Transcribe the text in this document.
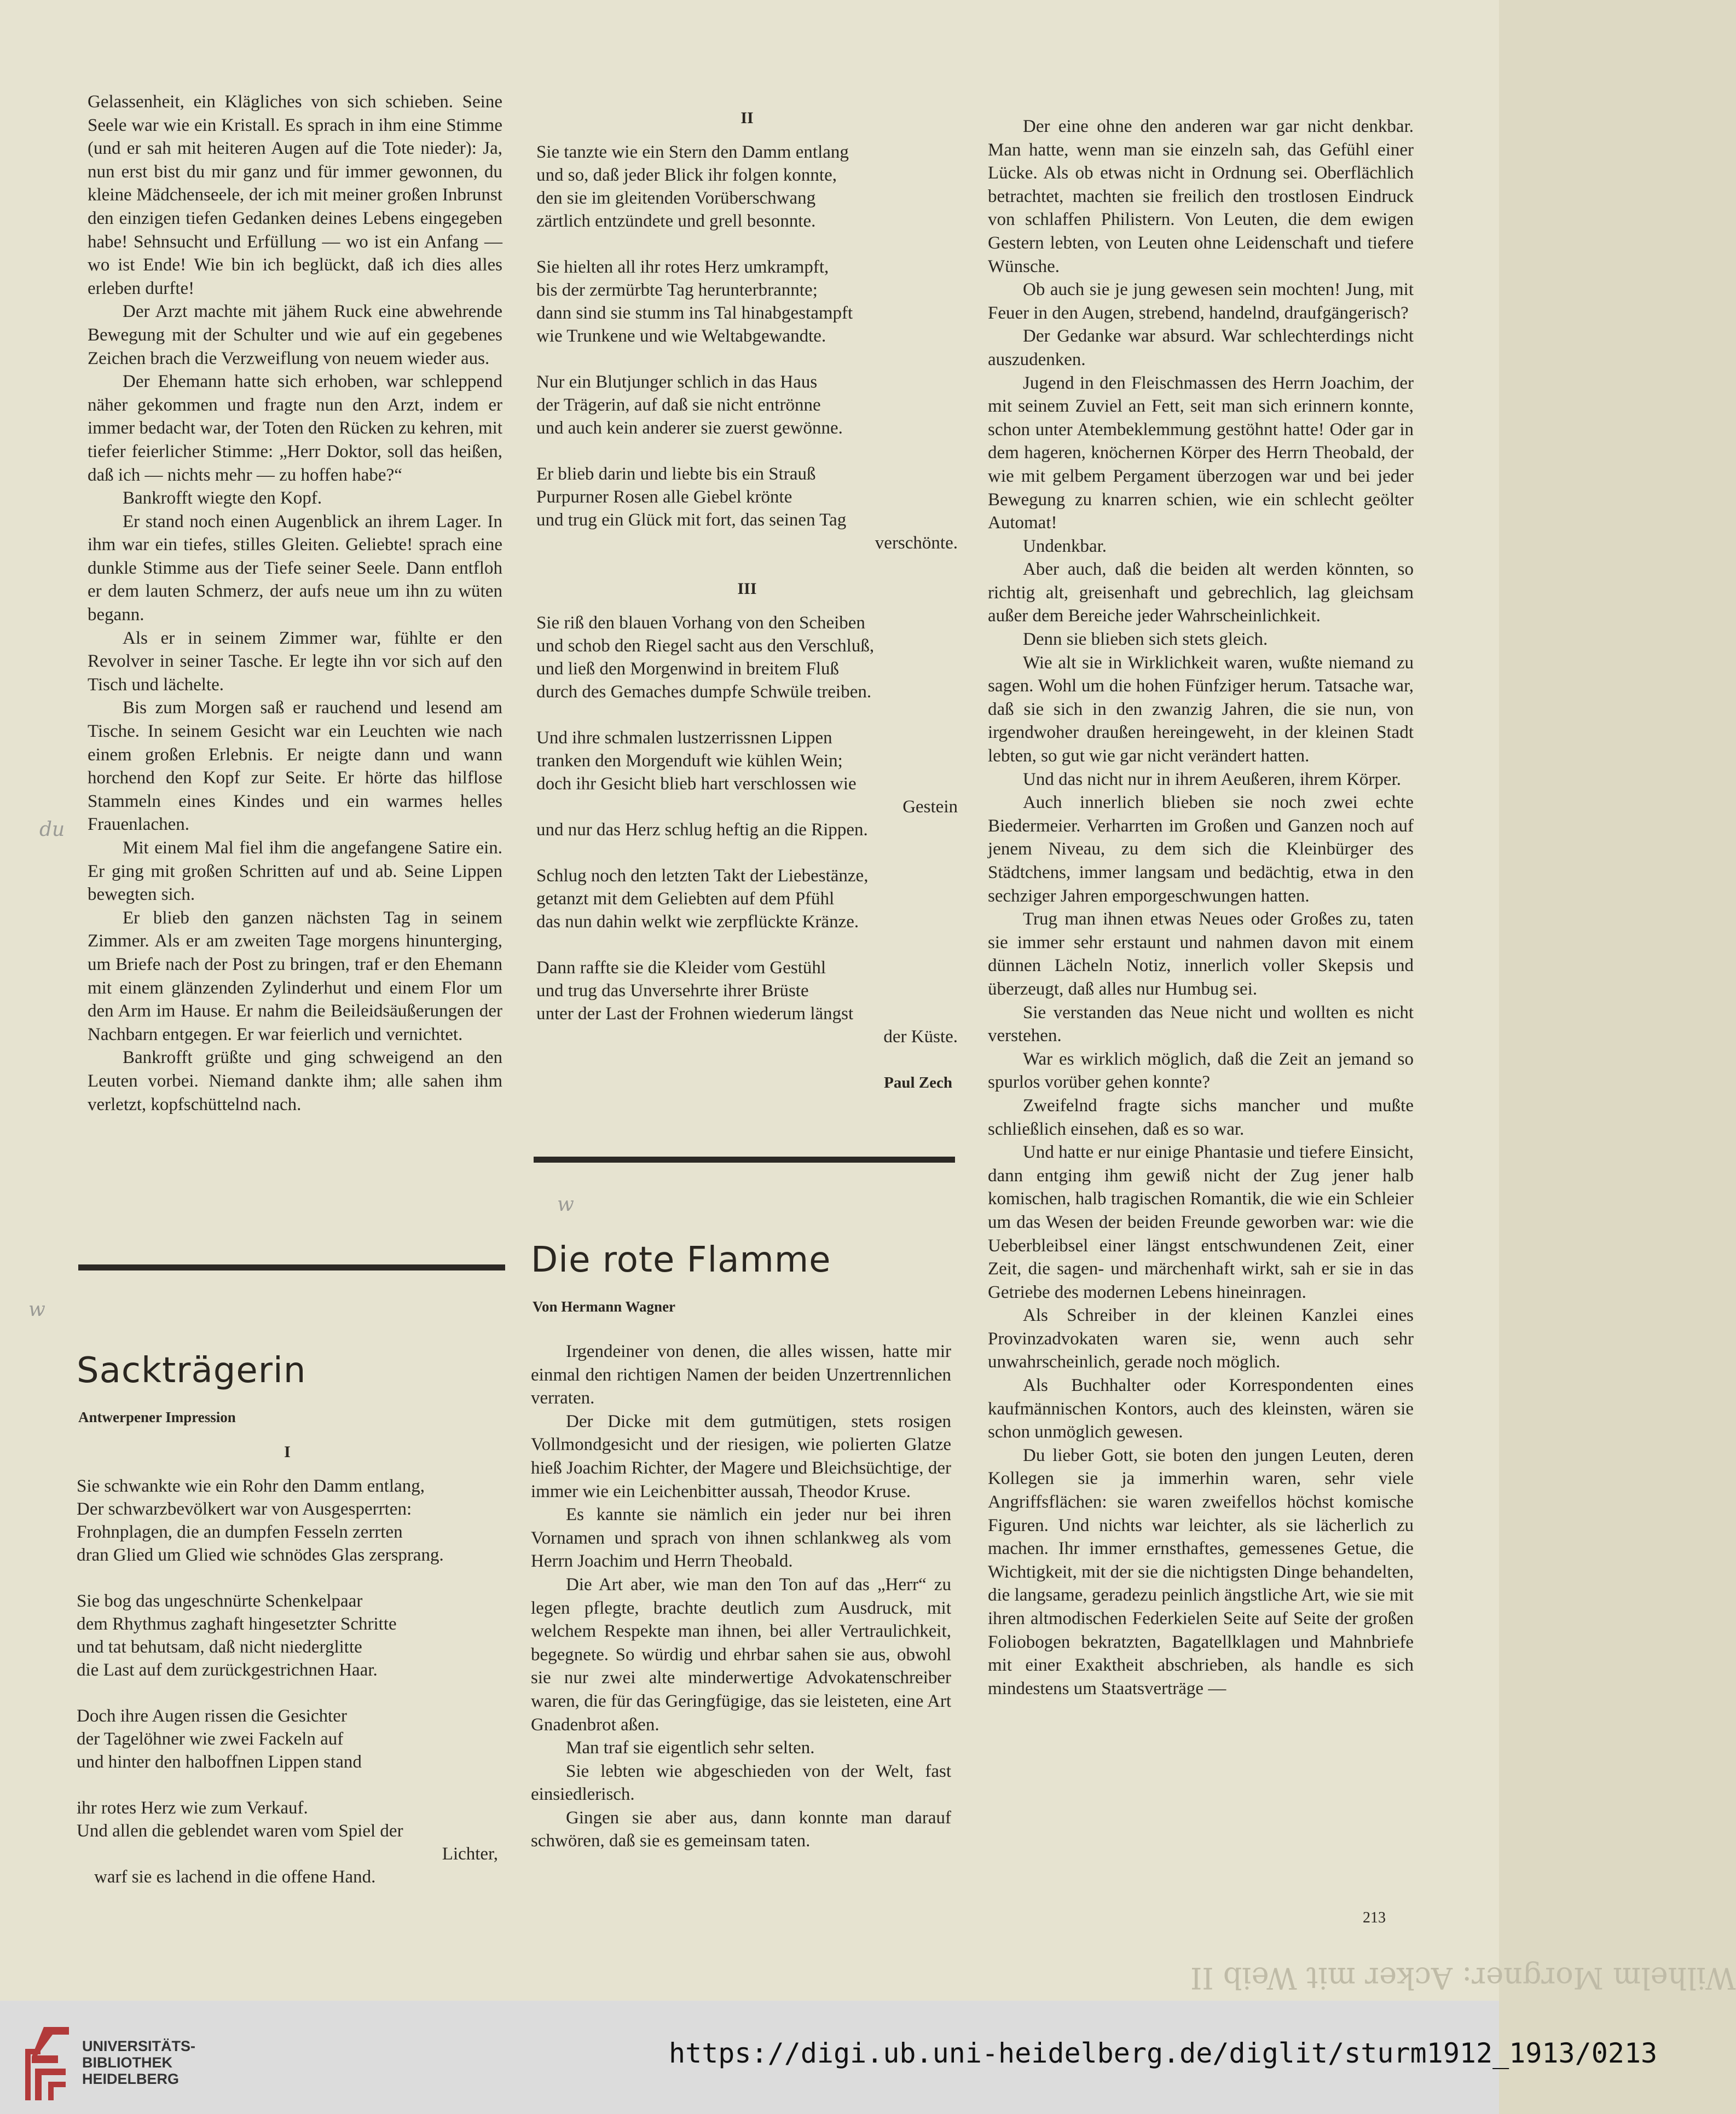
Gelassenheit, ein Klägliches von sich schieben. Seine Seele war wie ein Kristall. Es sprach in ihm eine Stimme (und er sah mit heiteren Augen auf die Tote nieder): Ja, nun erst bist du mir ganz und für immer gewonnen, du kleine Mädchenseele, der ich mit meiner großen Inbrunst den einzigen tiefen Gedanken deines Lebens eingegeben habe! Sehnsucht und Erfüllung — wo ist ein Anfang — wo ist Ende! Wie bin ich beglückt, daß ich dies alles erleben durfte!

Der Arzt machte mit jähem Ruck eine abwehrende Bewegung mit der Schulter und wie auf ein gegebenes Zeichen brach die Verzweiflung von neuem wieder aus.

Der Ehemann hatte sich erhoben, war schleppend näher gekommen und fragte nun den Arzt, indem er immer bedacht war, der Toten den Rücken zu kehren, mit tiefer feierlicher Stimme: „Herr Doktor, soll das heißen, daß ich — nichts mehr — zu hoffen habe?“

Bankrofft wiegte den Kopf.

Er stand noch einen Augenblick an ihrem Lager. In ihm war ein tiefes, stilles Gleiten. Geliebte! sprach eine dunkle Stimme aus der Tiefe seiner Seele. Dann entfloh er dem lauten Schmerz, der aufs neue um ihn zu wüten begann.

Als er in seinem Zimmer war, fühlte er den Revolver in seiner Tasche. Er legte ihn vor sich auf den Tisch und lächelte.

Bis zum Morgen saß er rauchend und lesend am Tische. In seinem Gesicht war ein Leuchten wie nach einem großen Erlebnis. Er neigte dann und wann horchend den Kopf zur Seite. Er hörte das hilflose Stammeln eines Kindes und ein warmes helles Frauenlachen.

Mit einem Mal fiel ihm die angefangene Satire ein. Er ging mit großen Schritten auf und ab. Seine Lippen bewegten sich.

Er blieb den ganzen nächsten Tag in seinem Zimmer. Als er am zweiten Tage morgens hinunterging, um Briefe nach der Post zu bringen, traf er den Ehemann mit einem glänzenden Zylinderhut und einem Flor um den Arm im Hause. Er nahm die Beileidsäußerungen der Nachbarn entgegen. Er war feierlich und vernichtet.

Bankrofft grüßte und ging schweigend an den Leuten vorbei. Niemand dankte ihm; alle sahen ihm verletzt, kopfschüttelnd nach.

Sackträgerin
Antwerpener Impression
I
Sie schwankte wie ein Rohr den Damm entlang,
Der schwarzbevölkert war von Ausgesperrten:
Frohnplagen, die an dumpfen Fesseln zerrten
dran Glied um Glied wie schnödes Glas zersprang.
Sie bog das ungeschnürte Schenkelpaar
dem Rhythmus zaghaft hingesetzter Schritte
und tat behutsam, daß nicht niederglitte
die Last auf dem zurückgestrichnen Haar.
Doch ihre Augen rissen die Gesichter
der Tagelöhner wie zwei Fackeln auf
und hinter den halboffnen Lippen stand
ihr rotes Herz wie zum Verkauf.
Und allen die geblendet waren vom Spiel der
Lichter,
warf sie es lachend in die offene Hand.
II
Sie tanzte wie ein Stern den Damm entlang
und so, daß jeder Blick ihr folgen konnte,
den sie im gleitenden Vorüberschwang
zärtlich entzündete und grell besonnte.
Sie hielten all ihr rotes Herz umkrampft,
bis der zermürbte Tag herunterbrannte;
dann sind sie stumm ins Tal hinabgestampft
wie Trunkene und wie Weltabgewandte.
Nur ein Blutjunger schlich in das Haus
der Trägerin, auf daß sie nicht entrönne
und auch kein anderer sie zuerst gewönne.
Er blieb darin und liebte bis ein Strauß
Purpurner Rosen alle Giebel krönte
und trug ein Glück mit fort, das seinen Tag
verschönte.
III
Sie riß den blauen Vorhang von den Scheiben
und schob den Riegel sacht aus den Verschluß,
und ließ den Morgenwind in breitem Fluß
durch des Gemaches dumpfe Schwüle treiben.
Und ihre schmalen lustzerrissnen Lippen
tranken den Morgenduft wie kühlen Wein;
doch ihr Gesicht blieb hart verschlossen wie
Gestein
und nur das Herz schlug heftig an die Rippen.
Schlug noch den letzten Takt der Liebestänze,
getanzt mit dem Geliebten auf dem Pfühl
das nun dahin welkt wie zerpflückte Kränze.
Dann raffte sie die Kleider vom Gestühl
und trug das Unversehrte ihrer Brüste
unter der Last der Frohnen wiederum längst
der Küste.
Paul Zech
Die rote Flamme
Von Hermann Wagner

Irgendeiner von denen, die alles wissen, hatte mir einmal den richtigen Namen der beiden Unzertrennlichen verraten.

Der Dicke mit dem gutmütigen, stets rosigen Vollmondgesicht und der riesigen, wie polierten Glatze hieß Joachim Richter, der Magere und Bleichsüchtige, der immer wie ein Leichenbitter aussah, Theodor Kruse.

Es kannte sie nämlich ein jeder nur bei ihren Vornamen und sprach von ihnen schlankweg als vom Herrn Joachim und Herrn Theobald.

Die Art aber, wie man den Ton auf das „Herr“ zu legen pflegte, brachte deutlich zum Ausdruck, mit welchem Respekte man ihnen, bei aller Vertraulichkeit, begegnete. So würdig und ehrbar sahen sie aus, obwohl sie nur zwei alte minderwertige Advokatenschreiber waren, die für das Geringfügige, das sie leisteten, eine Art Gnadenbrot aßen.

Man traf sie eigentlich sehr selten.

Sie lebten wie abgeschieden von der Welt, fast einsiedlerisch.

Gingen sie aber aus, dann konnte man darauf schwören, daß sie es gemeinsam taten.

Der eine ohne den anderen war gar nicht denkbar. Man hatte, wenn man sie einzeln sah, das Gefühl einer Lücke. Als ob etwas nicht in Ordnung sei. Oberflächlich betrachtet, machten sie freilich den trostlosen Eindruck von schlaffen Philistern. Von Leuten, die dem ewigen Gestern lebten, von Leuten ohne Leidenschaft und tiefere Wünsche.

Ob auch sie je jung gewesen sein mochten! Jung, mit Feuer in den Augen, strebend, handelnd, draufgängerisch?

Der Gedanke war absurd. War schlechterdings nicht auszudenken.

Jugend in den Fleischmassen des Herrn Joachim, der mit seinem Zuviel an Fett, seit man sich erinnern konnte, schon unter Atembeklemmung gestöhnt hatte! Oder gar in dem hageren, knöchernen Körper des Herrn Theobald, der wie mit gelbem Pergament überzogen war und bei jeder Bewegung zu knarren schien, wie ein schlecht geölter Automat!

Undenkbar.

Aber auch, daß die beiden alt werden könnten, so richtig alt, greisenhaft und gebrechlich, lag gleichsam außer dem Bereiche jeder Wahrscheinlichkeit.

Denn sie blieben sich stets gleich.

Wie alt sie in Wirklichkeit waren, wußte niemand zu sagen. Wohl um die hohen Fünfziger herum. Tatsache war, daß sie sich in den zwanzig Jahren, die sie nun, von irgendwoher draußen hereingeweht, in der kleinen Stadt lebten, so gut wie gar nicht verändert hatten.

Und das nicht nur in ihrem Aeußeren, ihrem Körper.

Auch innerlich blieben sie noch zwei echte Biedermeier. Verharrten im Großen und Ganzen noch auf jenem Niveau, zu dem sich die Kleinbürger des Städtchens, immer langsam und bedächtig, etwa in den sechziger Jahren emporgeschwungen hatten.

Trug man ihnen etwas Neues oder Großes zu, taten sie immer sehr erstaunt und nahmen davon mit einem dünnen Lächeln Notiz, innerlich voller Skepsis und überzeugt, daß alles nur Humbug sei.

Sie verstanden das Neue nicht und wollten es nicht verstehen.

War es wirklich möglich, daß die Zeit an jemand so spurlos vorüber gehen konnte?

Zweifelnd fragte sichs mancher und mußte schließlich einsehen, daß es so war.

Und hatte er nur einige Phantasie und tiefere Einsicht, dann entging ihm gewiß nicht der Zug jener halb komischen, halb tragischen Romantik, die wie ein Schleier um das Wesen der beiden Freunde geworben war: wie die Ueberbleibsel einer längst entschwundenen Zeit, einer Zeit, die sagen- und märchenhaft wirkt, sah er sie in das Getriebe des modernen Lebens hineinragen.

Als Schreiber in der kleinen Kanzlei eines Provinzadvokaten waren sie, wenn auch sehr unwahrscheinlich, gerade noch möglich.

Als Buchhalter oder Korrespondenten eines kaufmännischen Kontors, auch des kleinsten, wären sie schon unmöglich gewesen.

Du lieber Gott, sie boten den jungen Leuten, deren Kollegen sie ja immerhin waren, sehr viele Angriffsflächen: sie waren zweifellos höchst komische Figuren. Und nichts war leichter, als sie lächerlich zu machen. Ihr immer ernsthaftes, gemessenes Getue, die Wichtigkeit, mit der sie die nichtigsten Dinge behandelten, die langsame, geradezu peinlich ängstliche Art, wie sie mit ihren altmodischen Federkielen Seite auf Seite der großen Foliobogen bekratzten, Bagatellklagen und Mahnbriefe mit einer Exaktheit abschrieben, als handle es sich mindestens um Staatsverträge —

213
Wilhelm Morgner: Acker mit Weib II
du
w
w
UNIVERSITÄTS-
BIBLIOTHEK
HEIDELBERG
https://digi.ub.uni-heidelberg.de/diglit/sturm1912_1913/0213
